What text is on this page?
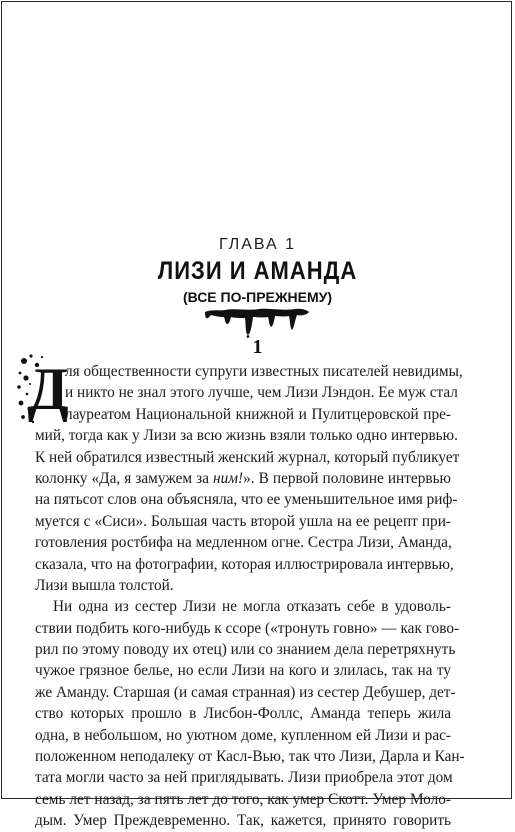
ГЛАВА 1
ЛИЗИ И АМАНДА
(ВСЕ ПО-ПРЕЖНЕМУ)
1
Д
ля общественности супруги известных писателей невидимы,
и никто не знал этого лучше, чем Лизи Лэндон. Ее муж стал
лауреатом Национальной книжной и Пулитцеровской пре-
мий, тогда как у Лизи за всю жизнь взяли только одно интервью.
К ней обратился известный женский журнал, который публикует
колонку «Да, я замужем за ним!». В первой половине интервью
на пятьсот слов она объясняла, что ее уменьшительное имя риф-
муется с «Сиси». Большая часть второй ушла на ее рецепт при-
готовления ростбифа на медленном огне. Сестра Лизи, Аманда,
сказала, что на фотографии, которая иллюстрировала интервью,
Лизи вышла толстой.
Ни одна из сестер Лизи не могла отказать себе в удоволь-
ствии подбить кого-нибудь к ссоре («тронуть говно» — как гово-
рил по этому поводу их отец) или со знанием дела перетряхнуть
чужое грязное белье, но если Лизи на кого и злилась, так на ту
же Аманду. Старшая (и самая странная) из сестер Дебушер, дет-
ство которых прошло в Лисбон-Фоллс, Аманда теперь жила
одна, в небольшом, но уютном доме, купленном ей Лизи и рас-
положенном неподалеку от Касл-Вью, так что Лизи, Дарла и Кан-
тата могли часто за ней приглядывать. Лизи приобрела этот дом
семь лет назад, за пять лет до того, как умер Скотт. Умер Моло-
дым. Умер Преждевременно. Так, кажется, принято говорить
